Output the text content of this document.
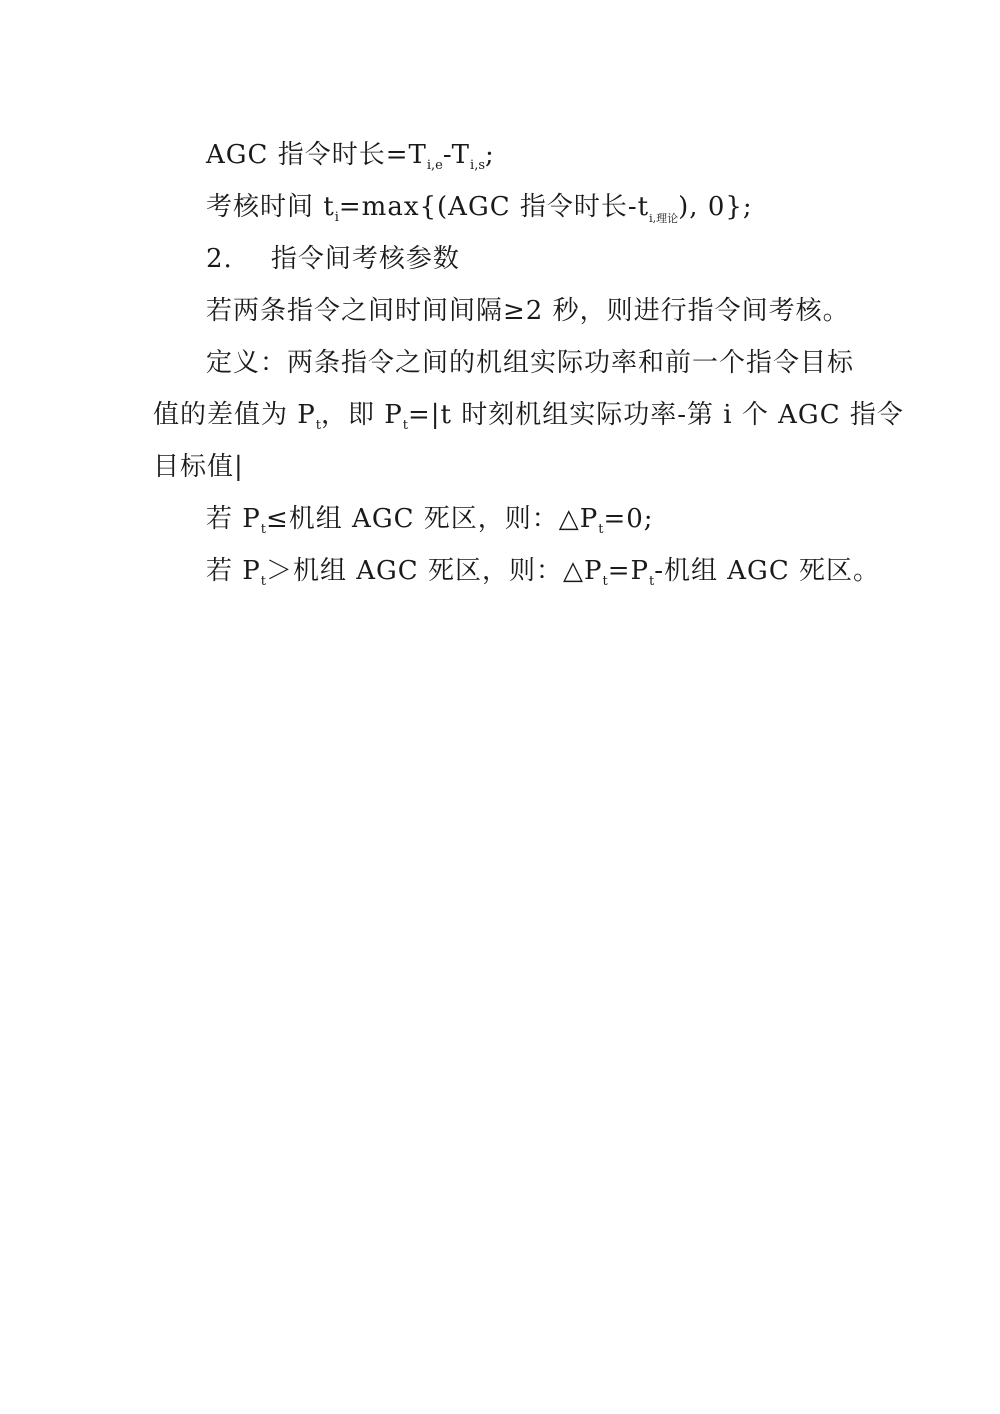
AGC 指令时长$=T_{i,e}-T_{i,s}$;
考核时间 $t_i=\max\{(AGC$ 指令时长$-t_{i,理论}$), 0};
2. 指令间考核参数
若两条指令之间时间间隔≥2 秒，则进行指令间考核。
定义：两条指令之间的机组实际功率和前一个指令目标
值的差值为 $P_t$，即 $P_t=|t$ 时刻机组实际功率-第 i 个 AGC 指令
目标值|
若 $P_t\le$机组 AGC 死区，则：$\triangle P_t=0$;
若 $P_t>$机组 AGC 死区，则：$\triangle P_t=P_t-$机组 AGC 死区。
